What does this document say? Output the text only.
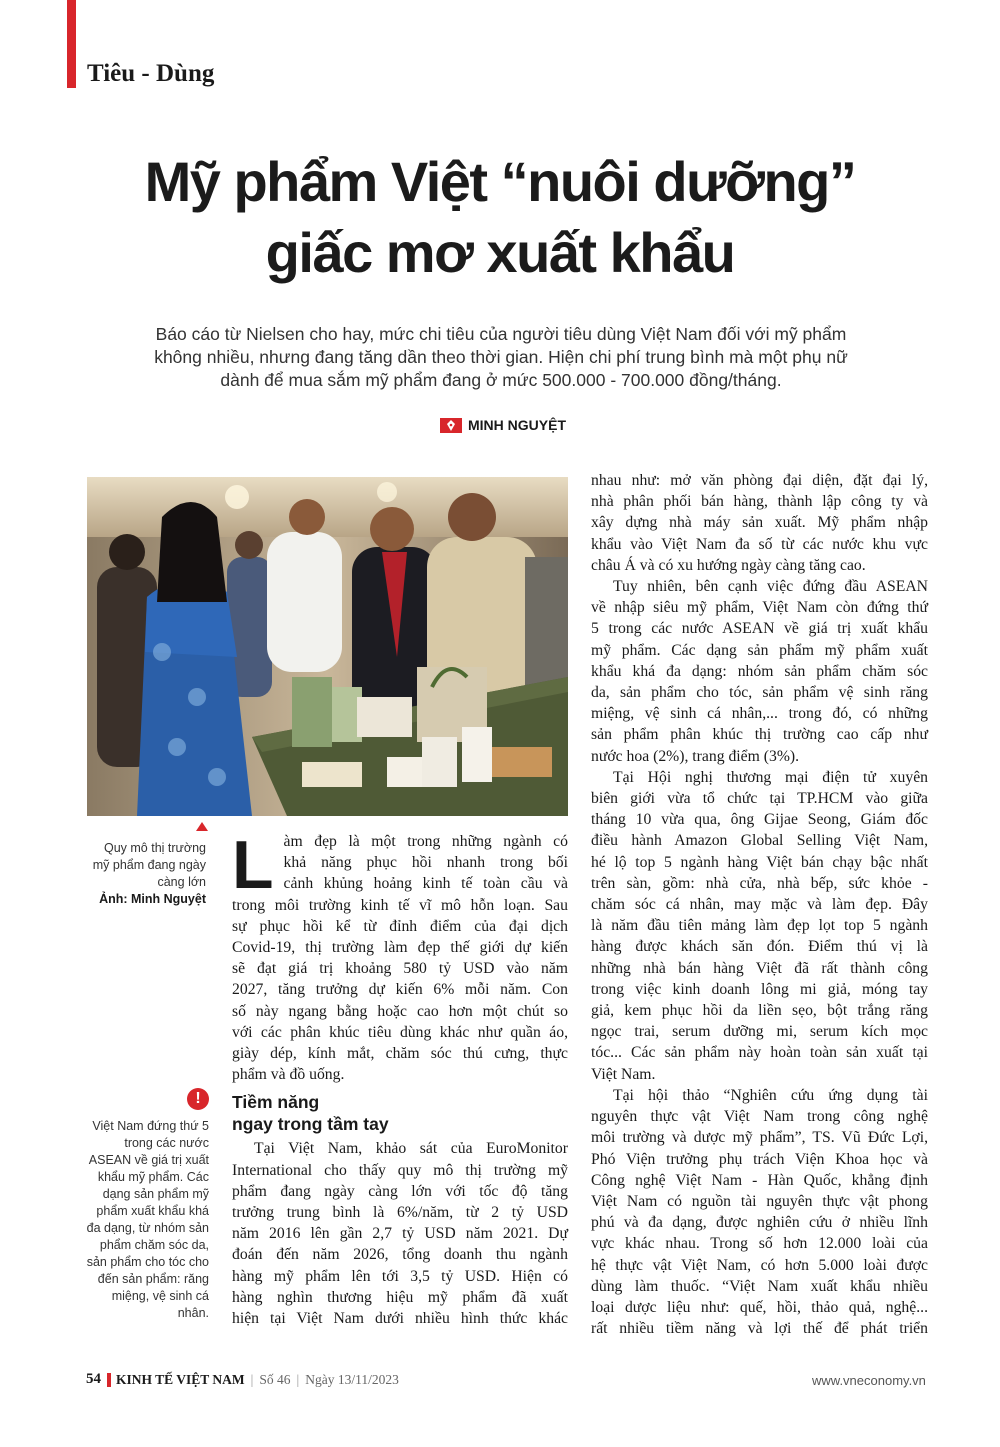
Tiêu - Dùng
Mỹ phẩm Việt “nuôi dưỡng”
giấc mơ xuất khẩu
Báo cáo từ Nielsen cho hay, mức chi tiêu của người tiêu dùng Việt Nam đối với mỹ phẩm không nhiều, nhưng đang tăng dần theo thời gian. Hiện chi phí trung bình mà một phụ nữ dành để mua sắm mỹ phẩm đang ở mức 500.000 - 700.000 đồng/tháng.
MINH NGUYỆT
Quy mô thị trường mỹ phẩm đang ngày càng lớn
Ảnh: Minh Nguyệt
!
Việt Nam đứng thứ 5 trong các nước ASEAN về giá trị xuất khẩu mỹ phẩm. Các dạng sản phẩm mỹ phẩm xuất khẩu khá đa dạng, từ nhóm sản phẩm chăm sóc da, sản phẩm cho tóc cho đến sản phẩm: răng miệng, vệ sinh cá nhân.
L àm đẹp là một trong những ngành có

khả năng phục hồi nhanh trong bối

cảnh khủng hoảng kinh tế toàn cầu và

trong môi trường kinh tế vĩ mô hỗn loạn. Sau

sự phục hồi kể từ đỉnh điểm của đại dịch

Covid-19, thị trường làm đẹp thế giới dự kiến

sẽ đạt giá trị khoảng 580 tỷ USD vào năm

2027, tăng trưởng dự kiến 6% mỗi năm. Con

số này ngang bằng hoặc cao hơn một chút so

với các phân khúc tiêu dùng khác như quần áo,

giày dép, kính mắt, chăm sóc thú cưng, thực

phẩm và đồ uống.

Tiềm năng
ngay trong tầm tay

Tại Việt Nam, khảo sát của EuroMonitor

International cho thấy quy mô thị trường mỹ

phẩm đang ngày càng lớn với tốc độ tăng

trưởng trung bình là 6%/năm, từ 2 tỷ USD

năm 2016 lên gần 2,7 tỷ USD năm 2021. Dự

đoán đến năm 2026, tổng doanh thu ngành

hàng mỹ phẩm lên tới 3,5 tỷ USD. Hiện có

hàng nghìn thương hiệu mỹ phẩm đã xuất

hiện tại Việt Nam dưới nhiều hình thức khác

nhau như: mở văn phòng đại diện, đặt đại lý,

nhà phân phối bán hàng, thành lập công ty và

xây dựng nhà máy sản xuất. Mỹ phẩm nhập

khẩu vào Việt Nam đa số từ các nước khu vực

châu Á và có xu hướng ngày càng tăng cao.

Tuy nhiên, bên cạnh việc đứng đầu ASEAN

về nhập siêu mỹ phẩm, Việt Nam còn đứng thứ

5 trong các nước ASEAN về giá trị xuất khẩu

mỹ phẩm. Các dạng sản phẩm mỹ phẩm xuất

khẩu khá đa dạng: nhóm sản phẩm chăm sóc

da, sản phẩm cho tóc, sản phẩm vệ sinh răng

miệng, vệ sinh cá nhân,... trong đó, có những

sản phẩm phân khúc thị trường cao cấp như

nước hoa (2%), trang điểm (3%).

Tại Hội nghị thương mại điện tử xuyên

biên giới vừa tổ chức tại TP.HCM vào giữa

tháng 10 vừa qua, ông Gijae Seong, Giám đốc

điều hành Amazon Global Selling Việt Nam,

hé lộ top 5 ngành hàng Việt bán chạy bậc nhất

trên sàn, gồm: nhà cửa, nhà bếp, sức khỏe -

chăm sóc cá nhân, may mặc và làm đẹp. Đây

là năm đầu tiên mảng làm đẹp lọt top 5 ngành

hàng được khách săn đón. Điểm thú vị là

những nhà bán hàng Việt đã rất thành công

trong việc kinh doanh lông mi giả, móng tay

giả, kem phục hồi da liền sẹo, bột trắng răng

ngọc trai, serum dưỡng mi, serum kích mọc

tóc... Các sản phẩm này hoàn toàn sản xuất tại

Việt Nam.

Tại hội thảo “Nghiên cứu ứng dụng tài

nguyên thực vật Việt Nam trong công nghệ

môi trường và dược mỹ phẩm”, TS. Vũ Đức Lợi,

Phó Viện trưởng phụ trách Viện Khoa học và

Công nghệ Việt Nam - Hàn Quốc, khẳng định

Việt Nam có nguồn tài nguyên thực vật phong

phú và đa dạng, được nghiên cứu ở nhiều lĩnh

vực khác nhau. Trong số hơn 12.000 loài của

hệ thực vật Việt Nam, có hơn 5.000 loài được

dùng làm thuốc. “Việt Nam xuất khẩu nhiều

loại dược liệu như: quế, hồi, thảo quả, nghệ...

rất nhiều tiềm năng và lợi thế để phát triển

54 KINH TẾ VIỆT NAM | Số 46 | Ngày 13/11/2023	www.vneconomy.vn
